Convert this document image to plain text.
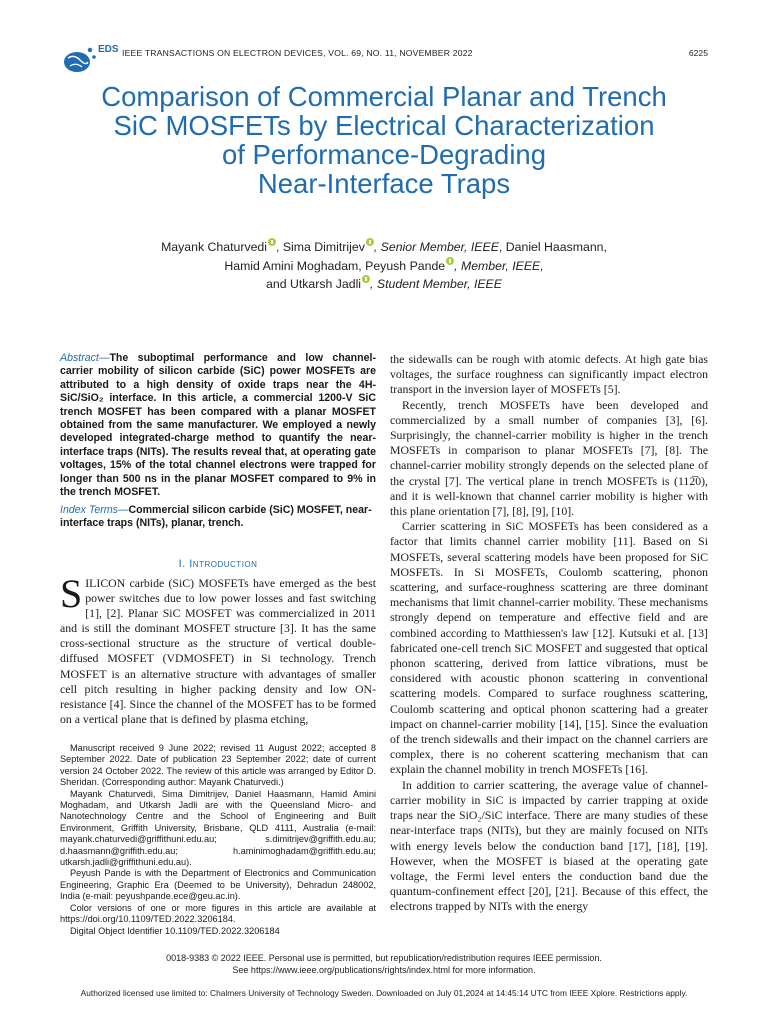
EDS IEEE TRANSACTIONS ON ELECTRON DEVICES, VOL. 69, NO. 11, NOVEMBER 2022	6225
Comparison of Commercial Planar and Trench
SiC MOSFETs by Electrical Characterization
of Performance-Degrading
Near-Interface Traps
Mayank Chaturvedi , Sima Dimitrijev , Senior Member, IEEE, Daniel Haasmann,
Hamid Amini Moghadam, Peyush Pande , Member, IEEE,
and Utkarsh Jadli , Student Member, IEEE
Abstract—The suboptimal performance and low channel-carrier mobility of silicon carbide (SiC) power MOSFETs are attributed to a high density of oxide traps near the 4H-SiC/SiO₂ interface. In this article, a commercial 1200-V SiC trench MOSFET has been compared with a planar MOSFET obtained from the same manufacturer. We employed a newly developed integrated-charge method to quantify the near-interface traps (NITs). The results reveal that, at operating gate voltages, 15% of the total channel electrons were trapped for longer than 500 ns in the planar MOSFET compared to 9% in the trench MOSFET.
Index Terms—Commercial silicon carbide (SiC) MOSFET, near-interface traps (NITs), planar, trench.
I. Introduction
SILICON carbide (SiC) MOSFETs have emerged as the best power switches due to low power losses and fast switching [1], [2]. Planar SiC MOSFET was commercialized in 2011 and is still the dominant MOSFET structure [3]. It has the same cross-sectional structure as the structure of vertical double-diffused MOSFET (VDMOSFET) in Si technology. Trench MOSFET is an alternative structure with advantages of smaller cell pitch resulting in higher packing density and low ON-resistance [4]. Since the channel of the MOSFET has to be formed on a vertical plane that is defined by plasma etching,

Manuscript received 9 June 2022; revised 11 August 2022; accepted 8 September 2022. Date of publication 23 September 2022; date of current version 24 October 2022. The review of this article was arranged by Editor D. Sheridan. (Corresponding author: Mayank Chaturvedi.)

Mayank Chaturvedi, Sima Dimitrijev, Daniel Haasmann, Hamid Amini Moghadam, and Utkarsh Jadli are with the Queensland Micro- and Nanotechnology Centre and the School of Engineering and Built Environment, Griffith University, Brisbane, QLD 4111, Australia (e-mail: mayank.chaturvedi@griffithuni.edu.au; s.dimitrijev@griffith.edu.au; d.haasmann@griffith.edu.au; h.aminimoghadam@griffith.edu.au; utkarsh.jadli@griffithuni.edu.au).

Peyush Pande is with the Department of Electronics and Communication Engineering, Graphic Era (Deemed to be University), Dehradun 248002, India (e-mail: peyushpande.ece@geu.ac.in).

Color versions of one or more figures in this article are available at https://doi.org/10.1109/TED.2022.3206184.

Digital Object Identifier 10.1109/TED.2022.3206184

the sidewalls can be rough with atomic defects. At high gate bias voltages, the surface roughness can significantly impact electron transport in the inversion layer of MOSFETs [5].

Recently, trench MOSFETs have been developed and commercialized by a small number of companies [3], [6]. Surprisingly, the channel-carrier mobility is higher in the trench MOSFETs in comparison to planar MOSFETs [7], [8]. The channel-carrier mobility strongly depends on the selected plane of the crystal [7]. The vertical plane in trench MOSFETs is (112̅0), and it is well-known that channel carrier mobility is higher with this plane orientation [7], [8], [9], [10].

Carrier scattering in SiC MOSFETs has been considered as a factor that limits channel carrier mobility [11]. Based on Si MOSFETs, several scattering models have been proposed for SiC MOSFETs. In Si MOSFETs, Coulomb scattering, phonon scattering, and surface-roughness scattering are three dominant mechanisms that limit channel-carrier mobility. These mechanisms strongly depend on temperature and effective field and are combined according to Matthiessen's law [12]. Kutsuki et al. [13] fabricated one-cell trench SiC MOSFET and suggested that optical phonon scattering, derived from lattice vibrations, must be considered with acoustic phonon scattering in conventional scattering models. Compared to surface roughness scattering, Coulomb scattering and optical phonon scattering had a greater impact on channel-carrier mobility [14], [15]. Since the evaluation of the trench sidewalls and their impact on the channel carriers are complex, there is no coherent scattering mechanism that can explain the channel mobility in trench MOSFETs [16].

In addition to carrier scattering, the average value of channel-carrier mobility in SiC is impacted by carrier trapping at oxide traps near the SiO₂/SiC interface. There are many studies of these near-interface traps (NITs), but they are mainly focused on NITs with energy levels below the conduction band [17], [18], [19]. However, when the MOSFET is biased at the operating gate voltage, the Fermi level enters the conduction band due the quantum-confinement effect [20], [21]. Because of this effect, the electrons trapped by NITs with the energy

0018-9383 © 2022 IEEE. Personal use is permitted, but republication/redistribution requires IEEE permission.
See https://www.ieee.org/publications/rights/index.html for more information.
Authorized licensed use limited to: Chalmers University of Technology Sweden. Downloaded on July 01,2024 at 14:45:14 UTC from IEEE Xplore. Restrictions apply.
